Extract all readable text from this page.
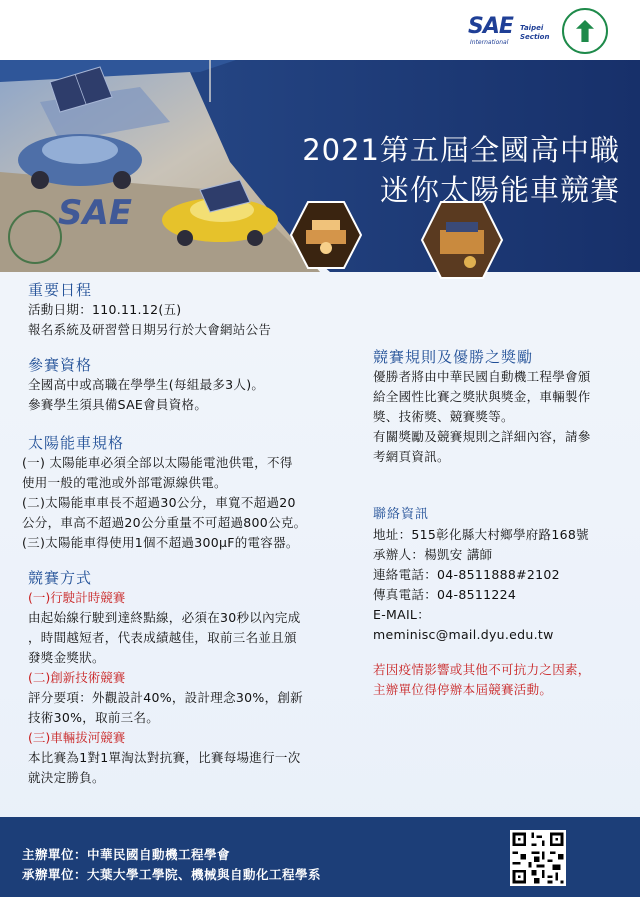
SAE
2021第五屆全國高中職
迷你太陽能車競賽
SAE
International
Taipei
Section
重要日程
活動日期：110.11.12(五)
報名系統及研習營日期另行於大會網站公告
參賽資格
全國高中或高職在學學生(每組最多3人)。
參賽學生須具備SAE會員資格。
太陽能車規格
(一) 太陽能車必須全部以太陽能電池供電，不得
使用一般的電池或外部電源線供電。
(二)太陽能車車長不超過30公分，車寬不超過20
公分，車高不超過20公分重量不可超過800公克。
(三)太陽能車得使用1個不超過300μF的電容器。
競賽方式
(一)行駛計時競賽
由起始線行駛到達終點線，必須在30秒以內完成
，時間越短者，代表成績越佳，取前三名並且頒
發獎金獎狀。
(二)創新技術競賽
評分要項：外觀設計40%，設計理念30%，創新
技術30%，取前三名。
(三)車輛拔河競賽
本比賽為1對1單淘汰對抗賽，比賽每場進行一次
就決定勝負。
競賽規則及優勝之獎勵
優勝者將由中華民國自動機工程學會頒
給全國性比賽之獎狀與獎金，車輛製作
獎、技術獎、競賽獎等。
有關獎勵及競賽規則之詳細內容，請參
考網頁資訊。
聯絡資訊
地址：515彰化縣大村鄉學府路168號
承辦人：楊凱安 講師
連絡電話：04-8511888#2102
傳真電話：04-8511224
E-MAIL：
meminisc@mail.dyu.edu.tw
若因疫情影響或其他不可抗力之因素，
主辦單位得停辦本屆競賽活動。
主辦單位：中華民國自動機工程學會
承辦單位：大葉大學工學院、機械與自動化工程學系
